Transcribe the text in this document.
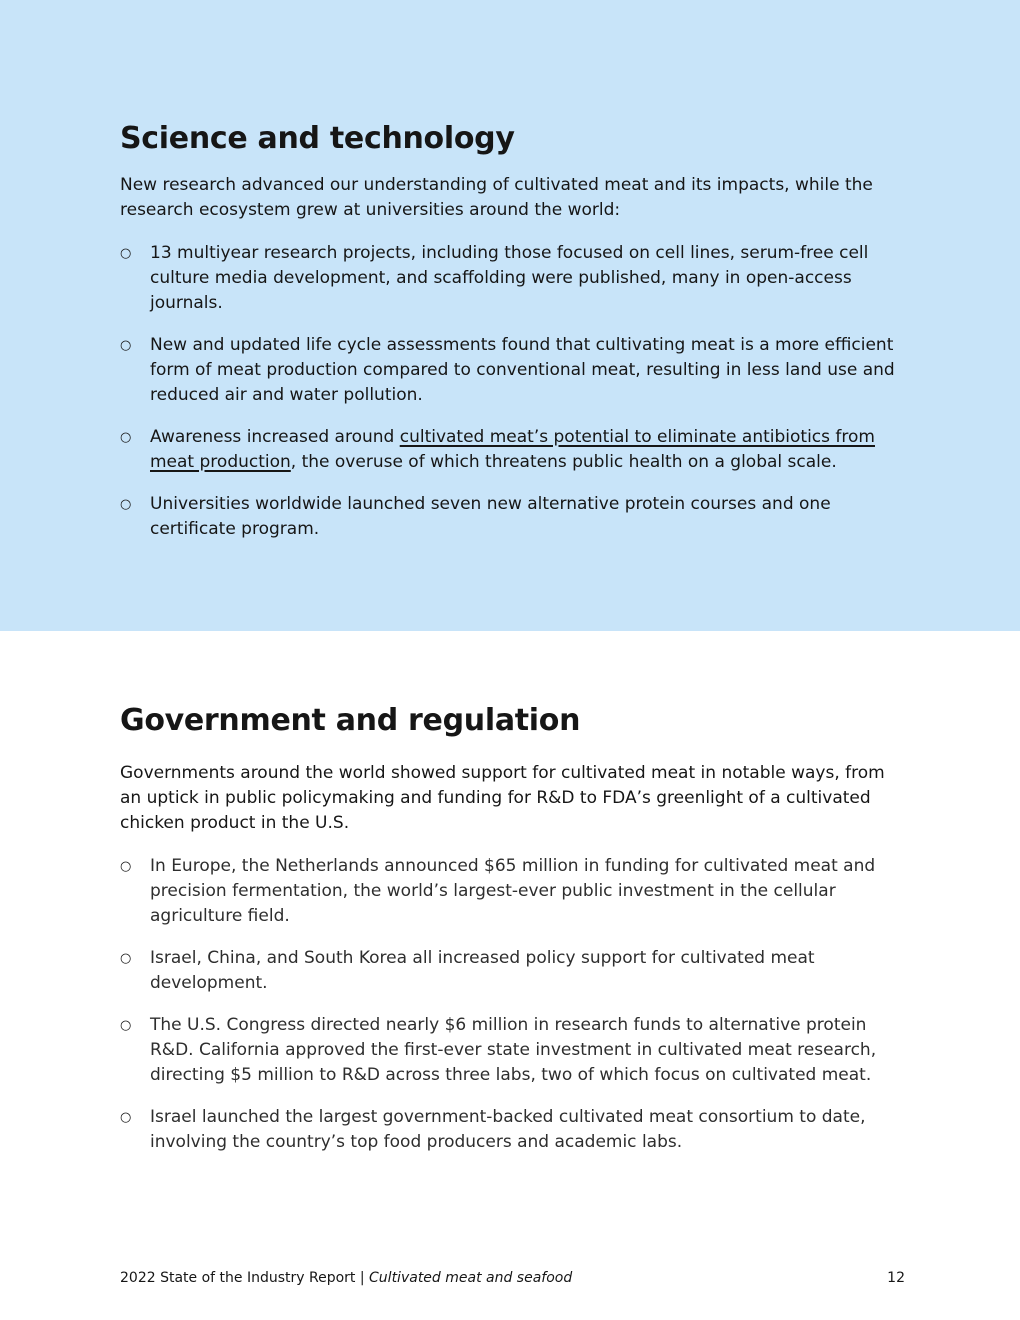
Science and technology

New research advanced our understanding of cultivated meat and its impacts, while the research ecosystem grew at universities around the world:

○ 13 multiyear research projects, including those focused on cell lines, serum-free cell culture media development, and scaffolding were published, many in open-access journals.
○ New and updated life cycle assessments found that cultivating meat is a more efficient form of meat production compared to conventional meat, resulting in less land use and reduced air and water pollution.
○ Awareness increased around cultivated meat’s potential to eliminate antibiotics from meat production, the overuse of which threatens public health on a global scale.
○ Universities worldwide launched seven new alternative protein courses and one certificate program.
Government and regulation

Governments around the world showed support for cultivated meat in notable ways, from an uptick in public policymaking and funding for R&D to FDA’s greenlight of a cultivated chicken product in the U.S.

○ In Europe, the Netherlands announced $65 million in funding for cultivated meat and precision fermentation, the world’s largest-ever public investment in the cellular agriculture field.
○ Israel, China, and South Korea all increased policy support for cultivated meat development.
○ The U.S. Congress directed nearly $6 million in research funds to alternative protein R&D. California approved the first-ever state investment in cultivated meat research, directing $5 million to R&D across three labs, two of which focus on cultivated meat.
○ Israel launched the largest government-backed cultivated meat consortium to date, involving the country’s top food producers and academic labs.
2022 State of the Industry Report | Cultivated meat and seafood	12
